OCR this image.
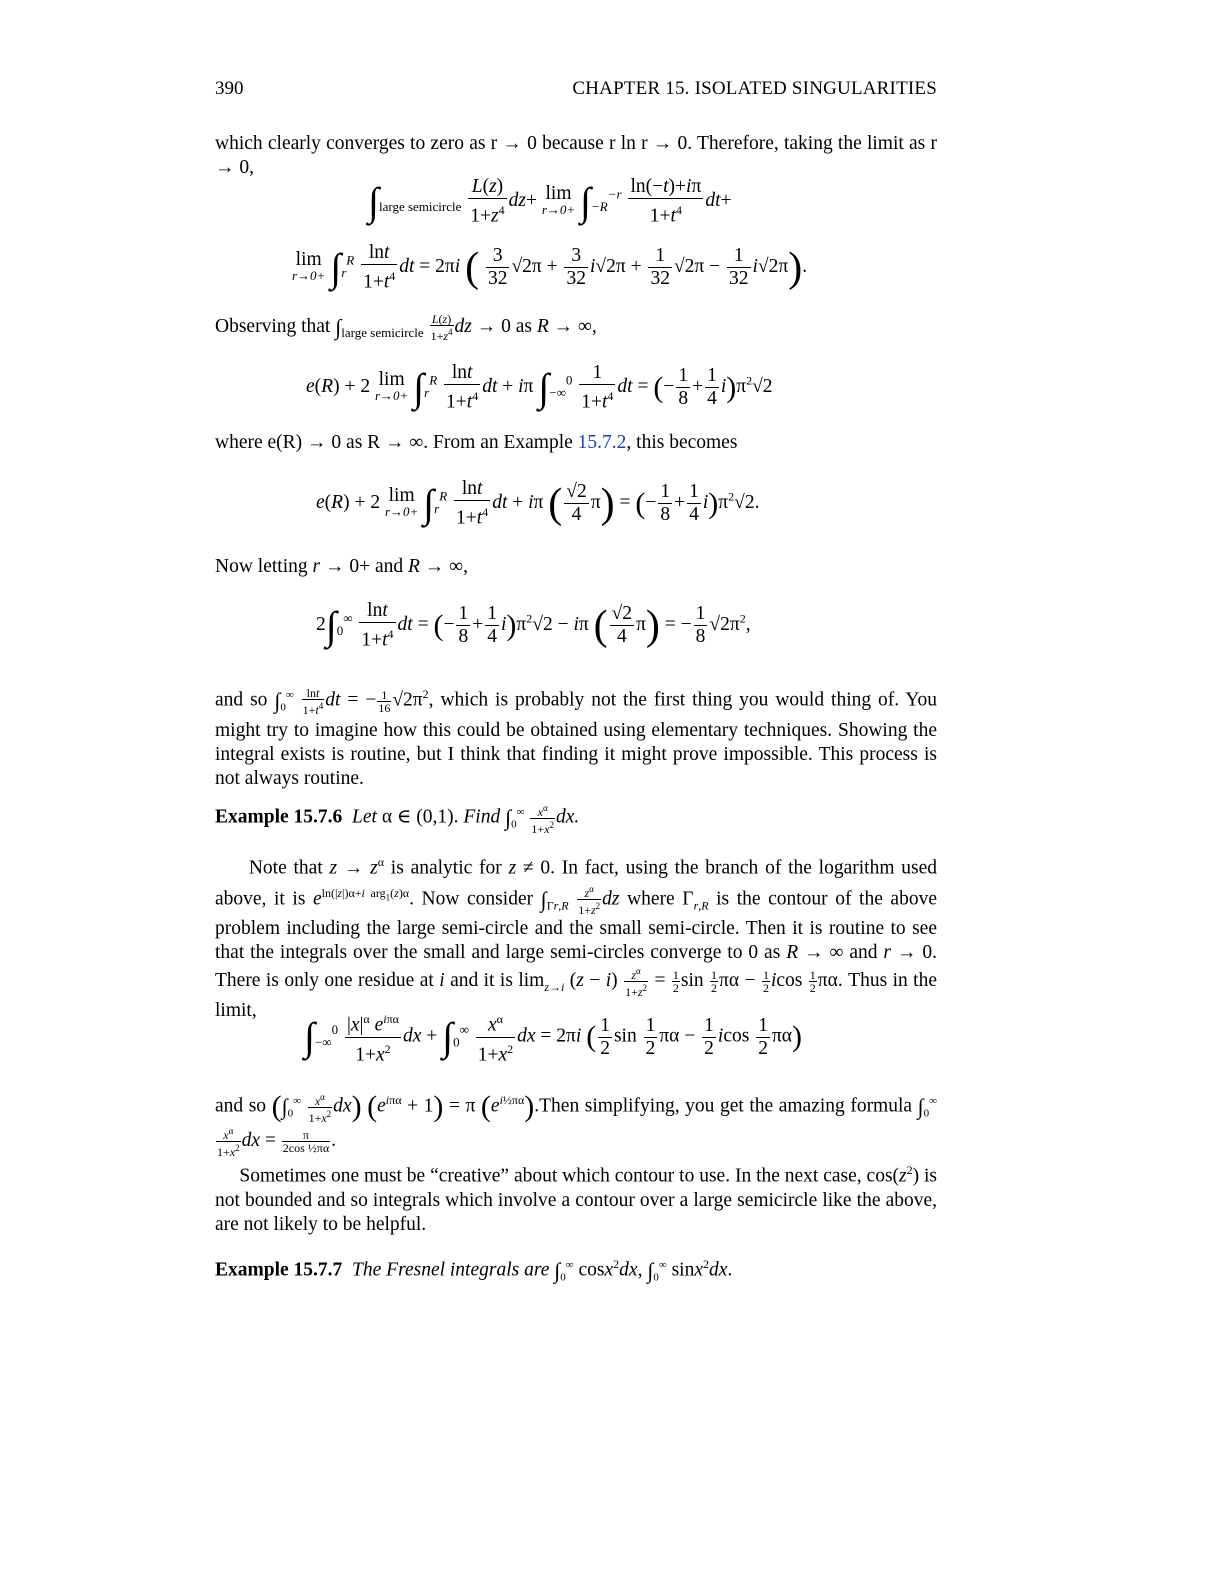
390	CHAPTER 15. ISOLATED SINGULARITIES
which clearly converges to zero as r → 0 because r ln r → 0. Therefore, taking the limit as r → 0,
$\int_{large semicircle} \frac{L(z)}{1+z^4} dz+ \lim$
$r\to 0+ \int_{-R}^{-r} \frac{\ln(-t)+i\pi}{1+t^4} dt+$
lim
$r\to 0+ \int_r^R \frac{\ln t}{1+t^4}$ dt = 2πi ( $\frac{3}{32} √2\pi + \frac{3}{32} i√2\pi + \frac{1}{32} √2\pi - \frac{1}{32} i√2\pi$).
Observing that $\int_{large semicircle} \frac{L(z)}{1+z^4}$ dz → 0 as R → ∞,
e(R) + 2 lim
$r\to 0+ \int_r^R \frac{\ln t}{1+t^4}$ dt + iπ $\int_{-\infty}^0 \frac{1}{1+t^4}$ dt = (− $\frac{1}{8} + \frac{1}{4} i)\pi^2√2$
where e(R) → 0 as R → ∞. From an Example 15.7.2, this becomes
e(R) + 2 lim
$r\to 0+ \int_r^R \frac{\ln t}{1+t^4}$ dt + iπ ( $\frac{√2}{4} \pi$) = (− $\frac{1}{8} + \frac{1}{4} i)\pi^2√2$.
Now letting r → 0+ and R → ∞,
$2\int_0^\infty \frac{\ln t}{1+t^4}$ dt = (− $\frac{1}{8} + \frac{1}{4} i)\pi^2√2 - i\pi$ ( $\frac{√2}{4} \pi$) = − $\frac{1}{8} √2\pi^2$,
and so $\int_0^\infty \frac{\ln t}{1+t^4}$ dt = − $\frac{1}{16} √2\pi^2$, which is probably not the first thing you would thing of. You might try to imagine how this could be obtained using elementary techniques. Showing the integral exists is routine, but I think that finding it might prove impossible. This process is not always routine.
Example 15.7.6 Let α ∈ (0,1). Find $\int_0^\infty \frac{x^\alpha}{1+x^2}$ dx.
Note that $z \to z^\alpha$ is analytic for z ≠ 0. In fact, using the branch of the logarithm used above, it is $e^{ln(|z|)\alpha+i arg_1(z)\alpha}$. Now consider $\int_{\Gamma r,R} \frac{z^\alpha}{1+z^2}$ dz where $\Gamma_{r,R}$ is the contour of the above problem including the large semi-circle and the small semi-circle. Then it is routine to see that the integrals over the small and large semi-circles converge to 0 as R → ∞ and r → 0. There is only one residue at i and it is $\lim_{z\to i} (z - i) \frac{z^\alpha}{1+z^2} = \frac{1}{2}$ $\sin \frac{1}{2}$ $\pi\alpha - \frac{1}{2}$ icos $\frac{1}{2} \pi\alpha$. Thus in the limit,
$\int_{-\infty}^0 \frac{|x|^\alpha e^{i\pi\alpha}}{1+x^2}$ dx + $\int_0^\infty \frac{x^\alpha}{1+x^2}$ dx = 2πi ( $\frac{1}{2}$ $\sin \frac{1}{2}$ $\pi\alpha - \frac{1}{2}$ icos $\frac{1}{2} \pi\alpha$)
and so $(\int_0^\infty \frac{x^\alpha}{1+x^2} dx) (e^{i\pi\alpha} + 1) = \pi$ $(e^{i\frac{1}{2}\pi\alpha}).Then$ simplifying, you get the amazing formula $\int_0^\infty$
$\frac{x^\alpha}{1+x^2}$ dx = $\frac{\pi}{\text{2cos ½πα}}$ .
Sometimes one must be “creative” about which contour to use. In the next case, $\cos(z^2)$ is not bounded and so integrals which involve a contour over a large semicircle like the above, are not likely to be helpful.
Example 15.7.7 The Fresnel integrals are $\int_0^\infty$ cosx$^2$dx, $\int_0^\infty$ sinx$^2$dx.
